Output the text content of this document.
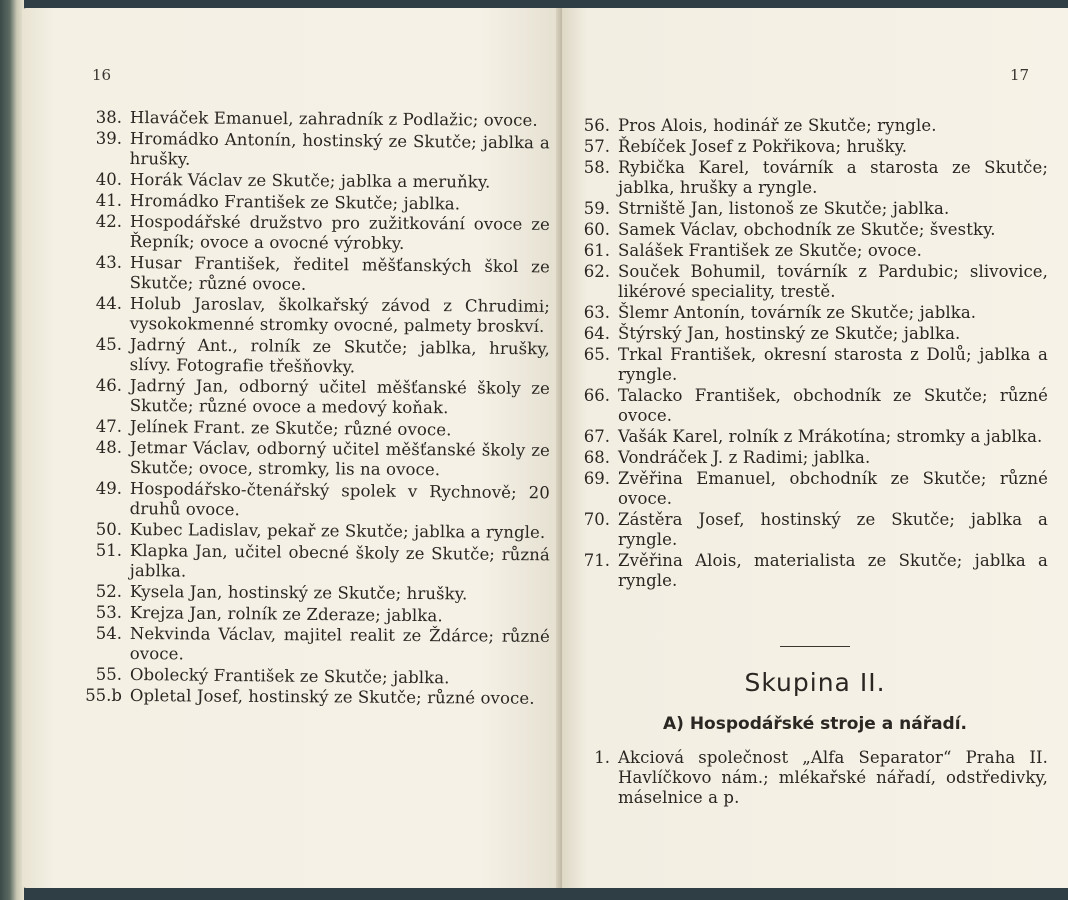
16
38. Hlaváček Emanuel, zahradník z Podlažic; ovoce.
39. Hromádko Antonín, hostinský ze Skutče; jablka a hrušky.
40. Horák Václav ze Skutče; jablka a meruňky.
41. Hromádko František ze Skutče; jablka.
42. Hospodářské družstvo pro zužitkování ovoce ze Řepník; ovoce a ovocné výrobky.
43. Husar František, ředitel měšťanských škol ze Skutče; různé ovoce.
44. Holub Jaroslav, školkařský závod z Chrudimi; vysokokmenné stromky ovocné, palmety broskví.
45. Jadrný Ant., rolník ze Skutče; jablka, hrušky, slívy. Fotografie třešňovky.
46. Jadrný Jan, odborný učitel měšťanské školy ze Skutče; různé ovoce a medový koňak.
47. Jelínek Frant. ze Skutče; různé ovoce.
48. Jetmar Václav, odborný učitel měšťanské školy ze Skutče; ovoce, stromky, lis na ovoce.
49. Hospodářsko-čtenářský spolek v Rychnově; 20 druhů ovoce.
50. Kubec Ladislav, pekař ze Skutče; jablka a ryngle.
51. Klapka Jan, učitel obecné školy ze Skutče; různá jablka.
52. Kysela Jan, hostinský ze Skutče; hrušky.
53. Krejza Jan, rolník ze Zderaze; jablka.
54. Nekvinda Václav, majitel realit ze Ždárce; různé ovoce.
55. Obolecký František ze Skutče; jablka.
55.b Opletal Josef, hostinský ze Skutče; různé ovoce.
17
56. Pros Alois, hodinář ze Skutče; ryngle.
57. Řebíček Josef z Pokřikova; hrušky.
58. Rybička Karel, továrník a starosta ze Skutče; jablka, hrušky a ryngle.
59. Strniště Jan, listonoš ze Skutče; jablka.
60. Samek Václav, obchodník ze Skutče; švestky.
61. Salášek František ze Skutče; ovoce.
62. Souček Bohumil, továrník z Pardubic; slivovice, likérové speciality, trestě.
63. Šlemr Antonín, továrník ze Skutče; jablka.
64. Štýrský Jan, hostinský ze Skutče; jablka.
65. Trkal František, okresní starosta z Dolů; jablka a ryngle.
66. Talacko František, obchodník ze Skutče; různé ovoce.
67. Vašák Karel, rolník z Mrákotína; stromky a jablka.
68. Vondráček J. z Radimi; jablka.
69. Zvěřina Emanuel, obchodník ze Skutče; různé ovoce.
70. Zástěra Josef, hostinský ze Skutče; jablka a ryngle.
71. Zvěřina Alois, materialista ze Skutče; jablka a ryngle.
Skupina II.
A) Hospodářské stroje a nářadí.
1. Akciová společnost „Alfa Separator“ Praha II. Havlíčkovo nám.; mlékařské nářadí, odstředivky, máselnice a p.
